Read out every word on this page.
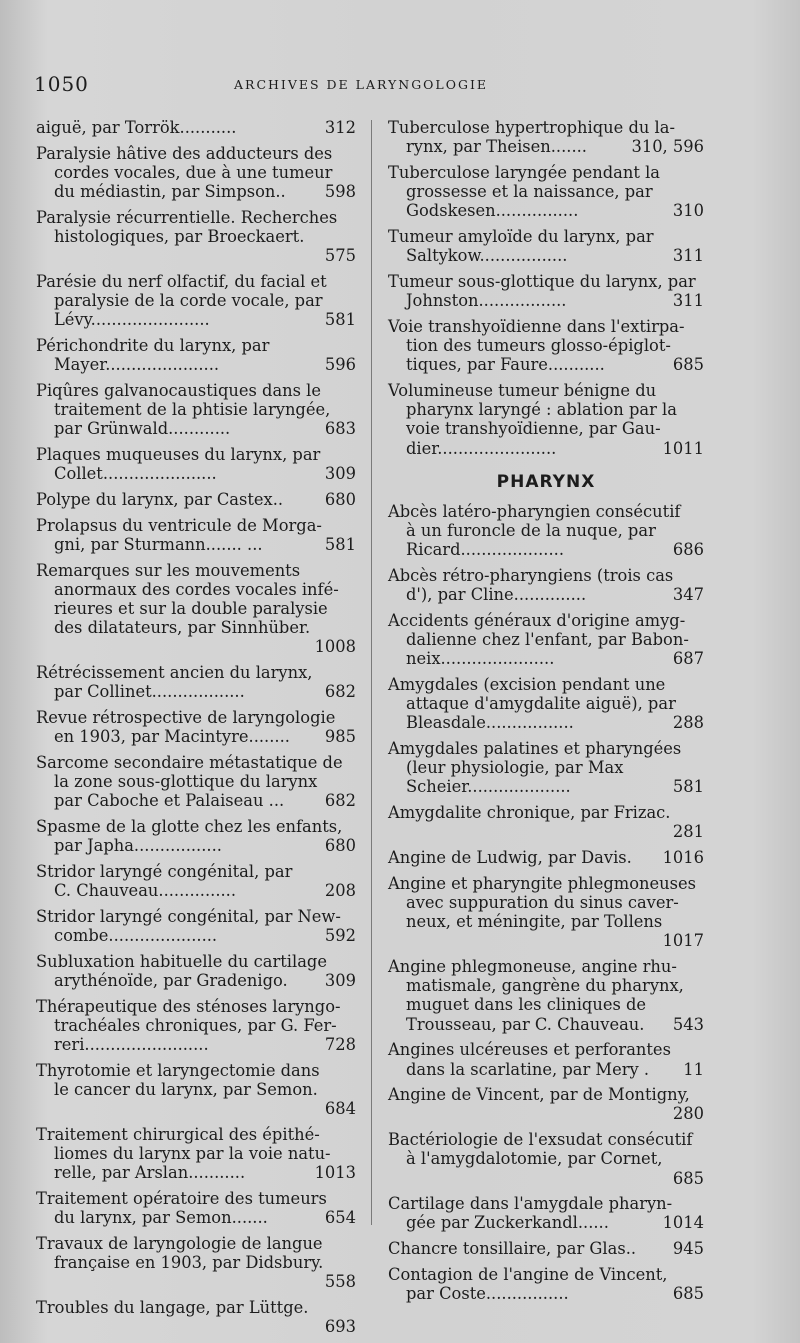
1050	ARCHIVES DE LARYNGOLOGIE
312
aiguë, par Torrök...........
Paralysie hâtive des adducteurs des
cordes vocales, due à une tumeur
598
du médiastin, par Simpson..
Paralysie récurrentielle. Recherches
histologiques, par Broeckaert.
575
Parésie du nerf olfactif, du facial et
paralysie de la corde vocale, par
581
Lévy.......................
Périchondrite du larynx, par
596
Mayer......................
Piqûres galvanocaustiques dans le
traitement de la phtisie laryngée,
683
par Grünwald............
Plaques muqueuses du larynx, par
309
Collet......................
680
Polype du larynx, par Castex..
Prolapsus du ventricule de Morga-
581
gni, par Sturmann....... ...
Remarques sur les mouvements
anormaux des cordes vocales infé-
rieures et sur la double paralysie
des dilatateurs, par Sinnhüber.
1008
Rétrécissement ancien du larynx,
682
par Collinet..................
Revue rétrospective de laryngologie
985
en 1903, par Macintyre........
Sarcome secondaire métastatique de
la zone sous-glottique du larynx
682
par Caboche et Palaiseau ...
Spasme de la glotte chez les enfants,
680
par Japha.................
Stridor laryngé congénital, par
208
C. Chauveau...............
Stridor laryngé congénital, par New-
592
combe.....................
Subluxation habituelle du cartilage
309
arythénoïde, par Gradenigo.
Thérapeutique des sténoses laryngo-
trachéales chroniques, par G. Fer-
728
reri........................
Thyrotomie et laryngectomie dans
le cancer du larynx, par Semon.
684
Traitement chirurgical des épithé-
liomes du larynx par la voie natu-
1013
relle, par Arslan...........
Traitement opératoire des tumeurs
654
du larynx, par Semon.......
Travaux de laryngologie de langue
française en 1903, par Didsbury.
558
Troubles du langage, par Lüttge.
693
Tuberculose hypertrophique du la-
310, 596
rynx, par Theisen.......
Tuberculose laryngée pendant la
grossesse et la naissance, par
310
Godskesen................
Tumeur amyloïde du larynx, par
311
Saltykow.................
Tumeur sous-glottique du larynx, par
311
Johnston.................
Voie transhyoïdienne dans l'extirpa-
tion des tumeurs glosso-épiglot-
685
tiques, par Faure...........
Volumineuse tumeur bénigne du
pharynx laryngé : ablation par la
voie transhyoïdienne, par Gau-
1011
dier.......................
PHARYNX
Abcès latéro-pharyngien consécutif
à un furoncle de la nuque, par
686
Ricard....................
Abcès rétro-pharyngiens (trois cas
347
d'), par Cline..............
Accidents généraux d'origine amyg-
dalienne chez l'enfant, par Babon-
687
neix......................
Amygdales (excision pendant une
attaque d'amygdalite aiguë), par
288
Bleasdale.................
Amygdales palatines et pharyngées
(leur physiologie, par Max
581
Scheier....................
Amygdalite chronique, par Frizac.
281
1016
Angine de Ludwig, par Davis.
Angine et pharyngite phlegmoneuses
avec suppuration du sinus caver-
neux, et méningite, par Tollens
1017
Angine phlegmoneuse, angine rhu-
matismale, gangrène du pharynx,
muguet dans les cliniques de
543
Trousseau, par C. Chauveau.
Angines ulcéreuses et perforantes
11
dans la scarlatine, par Mery .
Angine de Vincent, par de Montigny,
280
Bactériologie de l'exsudat consécutif
à l'amygdalotomie, par Cornet,
685
Cartilage dans l'amygdale pharyn-
1014
gée par Zuckerkandl......
945
Chancre tonsillaire, par Glas..
Contagion de l'angine de Vincent,
685
par Coste................
